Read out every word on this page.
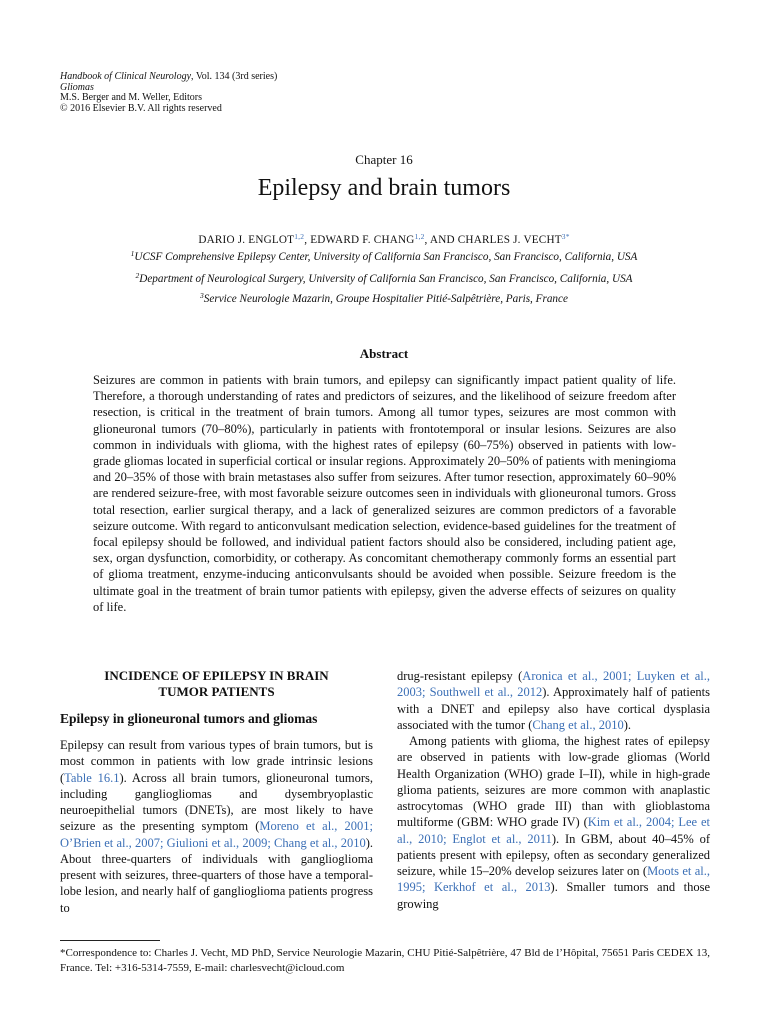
Handbook of Clinical Neurology, Vol. 134 (3rd series)
Gliomas
M.S. Berger and M. Weller, Editors
© 2016 Elsevier B.V. All rights reserved
Chapter 16
Epilepsy and brain tumors
DARIO J. ENGLOT$^{1,2}$, EDWARD F. CHANG$^{1,2}$, AND CHARLES J. $VECHT^{3*}$
$^1$UCSF Comprehensive Epilepsy Center, University of California San Francisco, San Francisco, California, USA
$^2$Department of Neurological Surgery, University of California San Francisco, San Francisco, California, USA
$^3$Service Neurologie Mazarin, Groupe Hospitalier Pitié-Salpêtrière, Paris, France
Abstract

Seizures are common in patients with brain tumors, and epilepsy can significantly impact patient quality of life. Therefore, a thorough understanding of rates and predictors of seizures, and the likelihood of seizure freedom after resection, is critical in the treatment of brain tumors. Among all tumor types, seizures are most common with glioneuronal tumors (70–80%), particularly in patients with frontotemporal or insular lesions. Seizures are also common in individuals with glioma, with the highest rates of epilepsy (60–75%) observed in patients with low-grade gliomas located in superficial cortical or insular regions. Approximately 20–50% of patients with meningioma and 20–35% of those with brain metastases also suffer from seizures. After tumor resection, approximately 60–90% are rendered seizure-free, with most favorable seizure outcomes seen in individuals with glioneuronal tumors. Gross total resection, earlier surgical therapy, and a lack of generalized seizures are common predictors of a favorable seizure outcome. With regard to anticonvulsant medication selection, evidence-based guidelines for the treatment of focal epilepsy should be followed, and individual patient factors should also be considered, including patient age, sex, organ dysfunction, comorbidity, or cotherapy. As concomitant chemotherapy commonly forms an essential part of glioma treatment, enzyme-inducing anticonvulsants should be avoided when possible. Seizure freedom is the ultimate goal in the treatment of brain tumor patients with epilepsy, given the adverse effects of seizures on quality of life.

INCIDENCE OF EPILEPSY IN BRAIN
TUMOR PATIENTS
Epilepsy in glioneuronal tumors and gliomas

Epilepsy can result from various types of brain tumors, but is most common in patients with low grade intrinsic lesions (Table 16.1). Across all brain tumors, glioneuronal tumors, including gangliogliomas and dysembryoplastic neuroepithelial tumors (DNETs), are most likely to have seizure as the presenting symptom (Moreno et al., 2001; O’Brien et al., 2007; Giulioni et al., 2009; Chang et al., 2010). About three-quarters of individuals with ganglioglioma present with seizures, three-quarters of those have a temporal-lobe lesion, and nearly half of ganglioglioma patients progress to

drug-resistant epilepsy (Aronica et al., 2001; Luyken et al., 2003; Southwell et al., 2012). Approximately half of patients with a DNET and epilepsy also have cortical dysplasia associated with the tumor (Chang et al., 2010).

Among patients with glioma, the highest rates of epilepsy are observed in patients with low-grade gliomas (World Health Organization (WHO) grade I–II), while in high-grade glioma patients, seizures are more common with anaplastic astrocytomas (WHO grade III) than with glioblastoma multiforme (GBM: WHO grade IV) (Kim et al., 2004; Lee et al., 2010; Englot et al., 2011). In GBM, about 40–45% of patients present with epilepsy, often as secondary generalized seizure, while 15–20% develop seizures later on (Moots et al., 1995; Kerkhof et al., 2013). Smaller tumors and those growing

*Correspondence to: Charles J. Vecht, MD PhD, Service Neurologie Mazarin, CHU Pitié-Salpêtrière, 47 Bld de l’Hôpital, 75651 Paris CEDEX 13, France. Tel: +316-5314-7559, E-mail: charlesvecht@icloud.com
